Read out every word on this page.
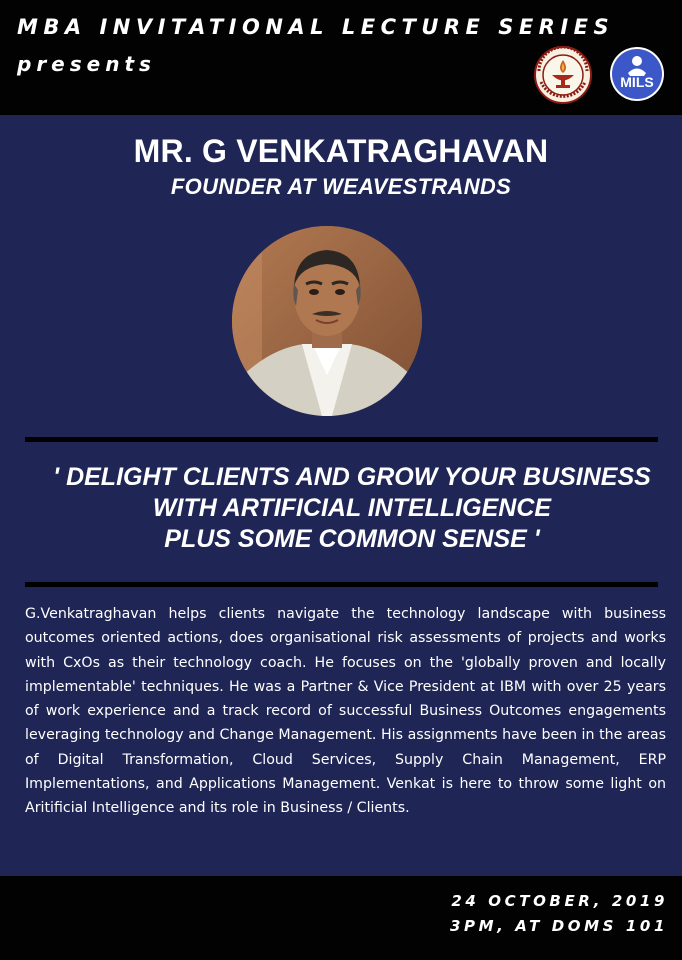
MBA INVITATIONAL LECTURE SERIES

presents

MILS
MR. G VENKATRAGHAVAN

FOUNDER AT WEAVESTRANDS

' DELIGHT CLIENTS AND GROW YOUR BUSINESS
WITH ARTIFICIAL INTELLIGENCE
PLUS SOME COMMON SENSE '

G.Venkatraghavan helps clients navigate the technology landscape with business outcomes oriented actions, does organisational risk assessments of projects and works with CxOs as their technology coach. He focuses on the 'globally proven and locally implementable' techniques. He was a Partner & Vice President at IBM with over 25 years of work experience and a track record of successful Business Outcomes engagements leveraging technology and Change Management. His assignments have been in the areas of Digital Transformation, Cloud Services, Supply Chain Management, ERP Implementations, and Applications Management. Venkat is here to throw some light on Aritificial Intelligence and its role in Business / Clients.

24 OCTOBER, 2019

3PM, AT DOMS 101
